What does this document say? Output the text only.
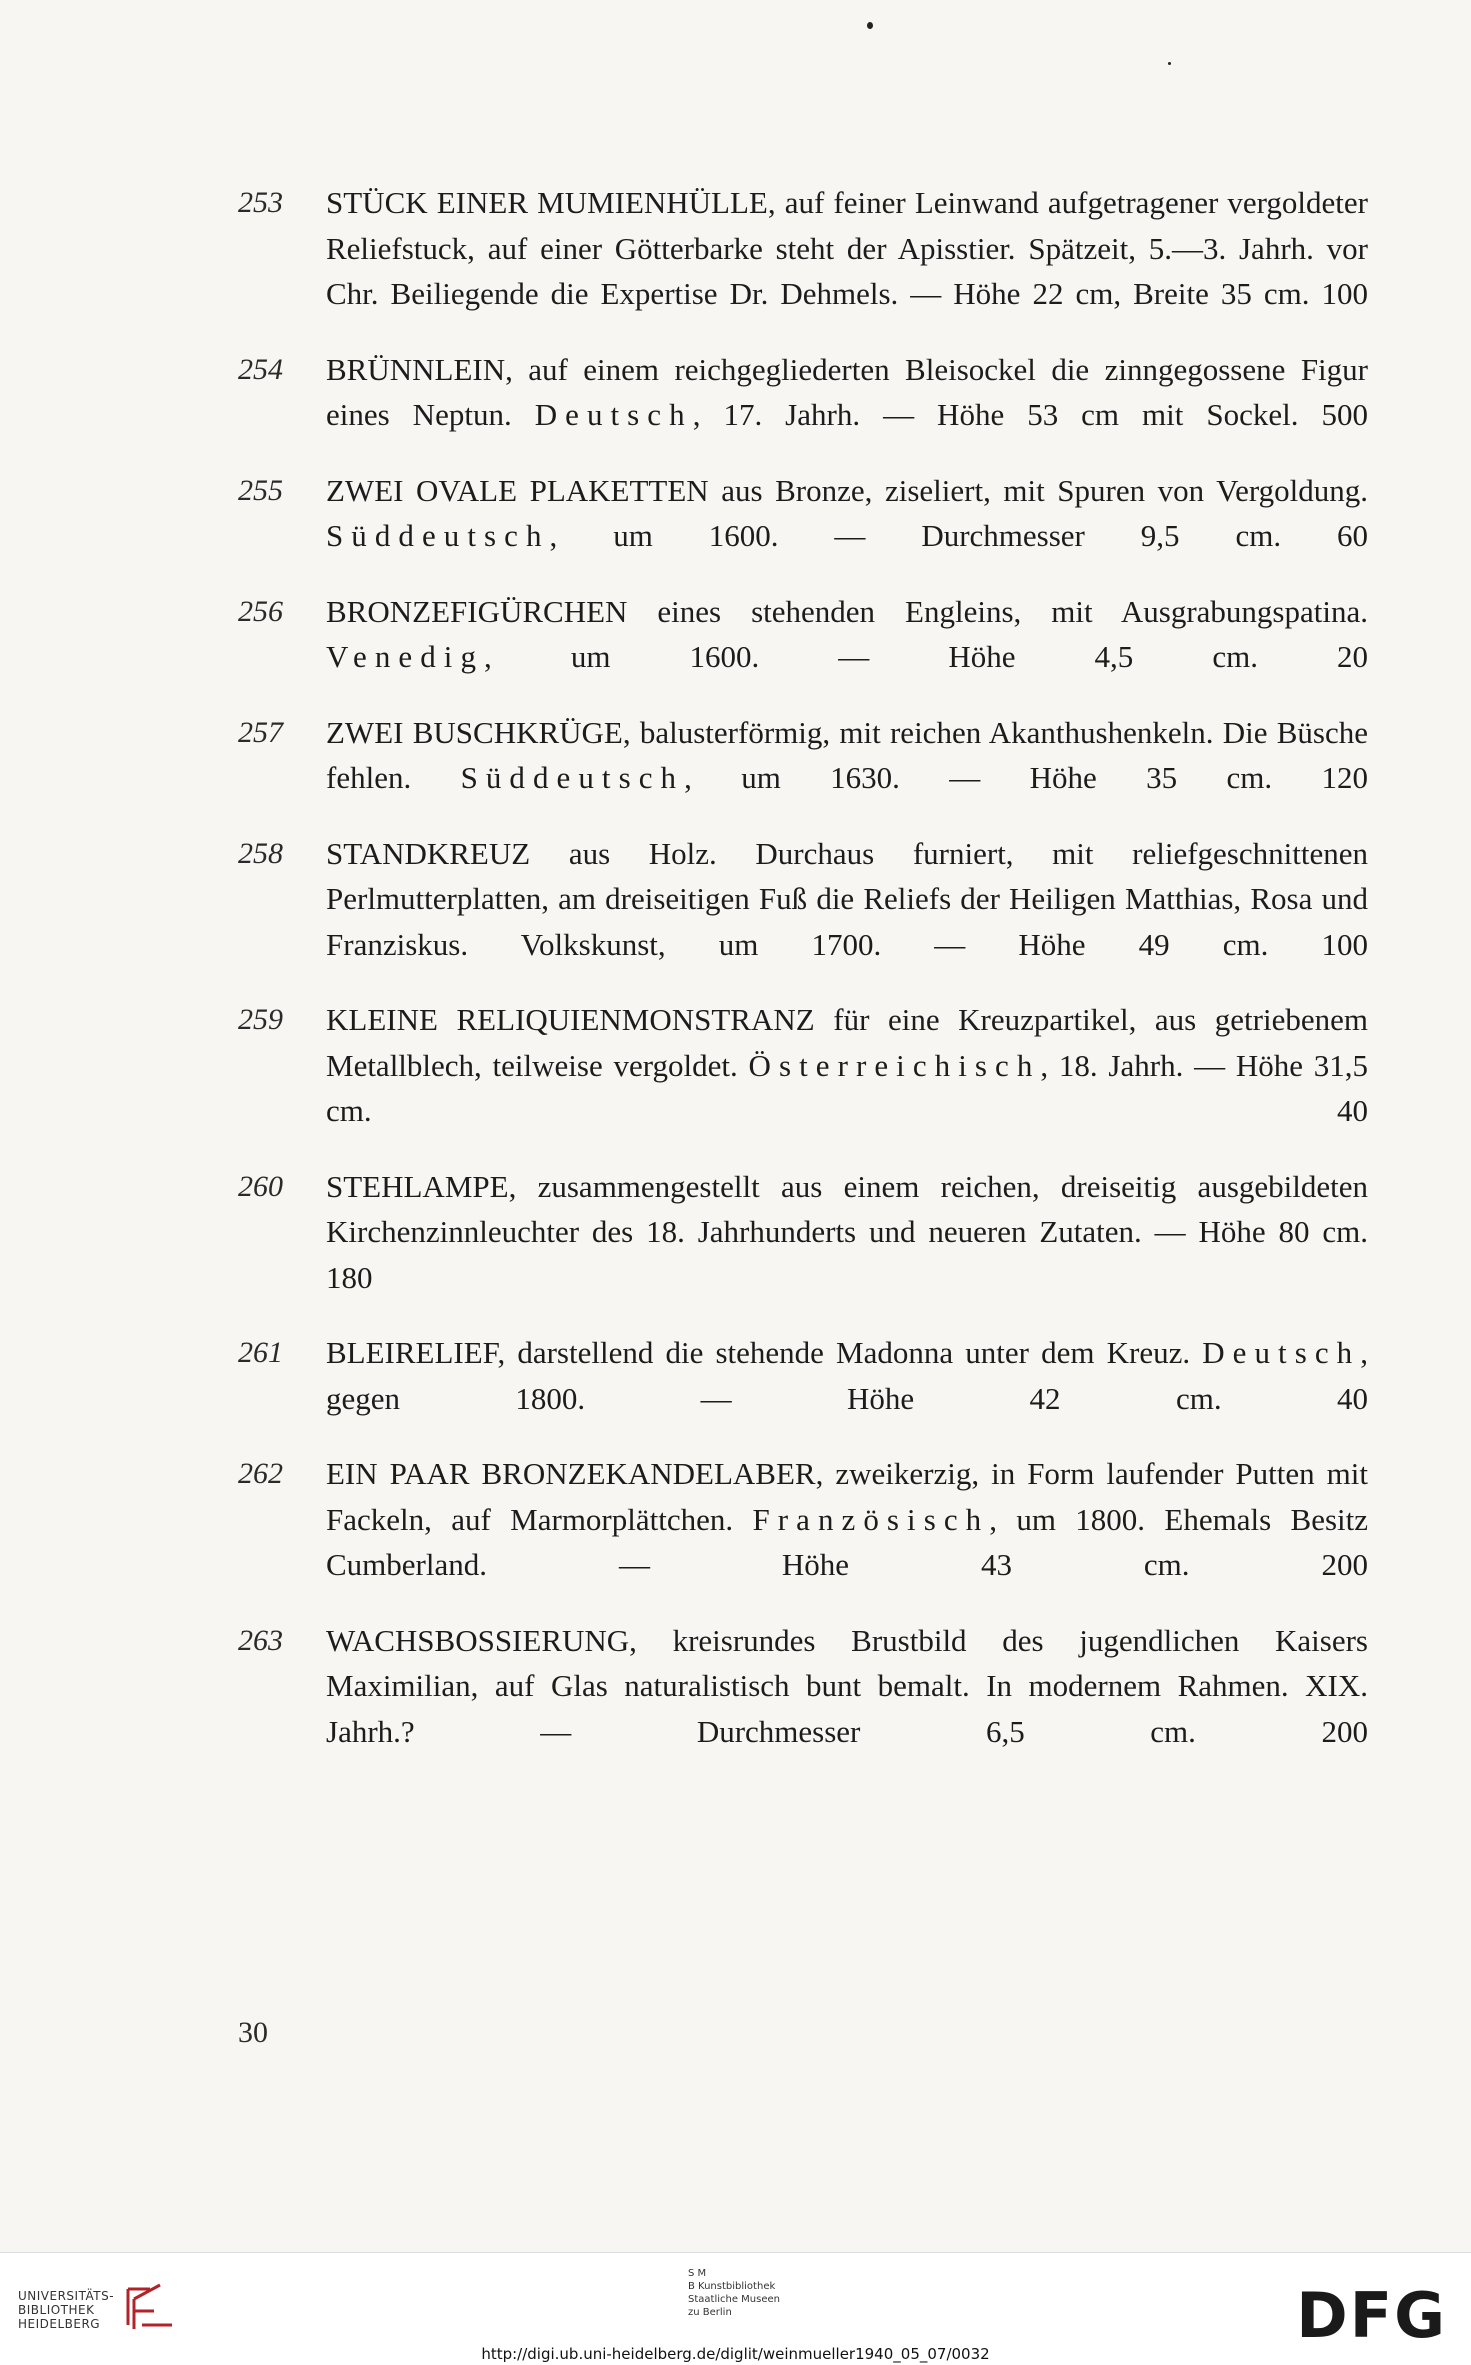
253	STÜCK EINER MUMIENHÜLLE, auf feiner Leinwand aufgetragener vergoldeter Reliefstuck, auf einer Götterbarke steht der Apisstier. Spätzeit, 5.—3. Jahrh. vor Chr. Beiliegende die Expertise Dr. Dehmels. — Höhe 22 cm, Breite 35 cm. 100
254	BRÜNNLEIN, auf einem reichgegliederten Bleisockel die zinngegossene Figur eines Neptun. Deutsch, 17. Jahrh. — Höhe 53 cm mit Sockel. 500
255	ZWEI OVALE PLAKETTEN aus Bronze, ziseliert, mit Spuren von Vergoldung. Süddeutsch, um 1600. — Durchmesser 9,5 cm. 60
256	BRONZEFIGÜRCHEN eines stehenden Engleins, mit Ausgrabungspatina. Venedig, um 1600. — Höhe 4,5 cm. 20
257	ZWEI BUSCHKRÜGE, balusterförmig, mit reichen Akanthushenkeln. Die Büsche fehlen. Süddeutsch, um 1630. — Höhe 35 cm. 120
258	STANDKREUZ aus Holz. Durchaus furniert, mit reliefgeschnittenen Perlmutterplatten, am dreiseitigen Fuß die Reliefs der Heiligen Matthias, Rosa und Franziskus. Volkskunst, um 1700. — Höhe 49 cm. 100
259	KLEINE RELIQUIENMONSTRANZ für eine Kreuzpartikel, aus getriebenem Metallblech, teilweise vergoldet. Österreichisch, 18. Jahrh. — Höhe 31,5 cm. 40
260	STEHLAMPE, zusammengestellt aus einem reichen, dreiseitig ausgebildeten Kirchenzinnleuchter des 18. Jahrhunderts und neueren Zutaten. — Höhe 80 cm. 180
261	BLEIRELIEF, darstellend die stehende Madonna unter dem Kreuz. Deutsch, gegen 1800. — Höhe 42 cm. 40
262	EIN PAAR BRONZEKANDELABER, zweikerzig, in Form laufender Putten mit Fackeln, auf Marmorplättchen. Französisch, um 1800. Ehemals Besitz Cumberland. — Höhe 43 cm. 200
263	WACHSBOSSIERUNG, kreisrundes Brustbild des jugendlichen Kaisers Maximilian, auf Glas naturalistisch bunt bemalt. In modernem Rahmen. XIX. Jahrh.? — Durchmesser 6,5 cm. 200
30
UNIVERSITÄTS-
BIBLIOTHEK
HEIDELBERG
S M
B Kunstbibliothek
Staatliche Museen
zu Berlin	DFG
http://digi.ub.uni-heidelberg.de/diglit/weinmueller1940_05_07/0032
